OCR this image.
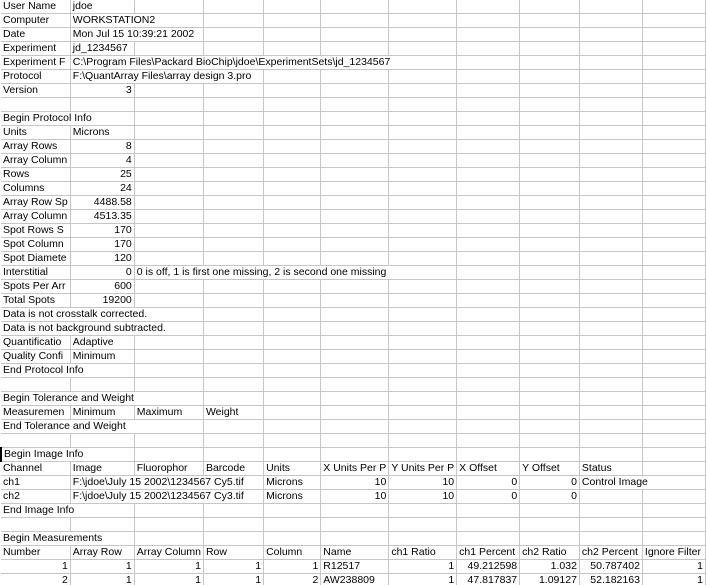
User Name	jdoe									
Computer	WORKSTATION2									
Date	Mon Jul 15 10:39:21 2002									
Experiment	jd_1234567									
Experiment F	C:\Program Files\Packard BioChip\jdoe\ExperimentSets\jd_1234567									
Protocol	F:\QuantArray Files\array design 3.pro									
Version	3									

Begin Protocol Info										
Units	Microns									
Array Rows	8									
Array Column	4									
Rows	25									
Columns	24									
Array Row Sp	4488.58									
Array Column	4513.35									
Spot Rows S	170									
Spot Column	170									
Spot Diamete	120									
Interstitial	0	0 is off, 1 is first one missing, 2 is second one missing								
Spots Per Arr	600									
Total Spots	19200									
Data is not crosstalk corrected.										
Data is not background subtracted.										
Quantificatio	Adaptive									
Quality Confi	Minimum									
End Protocol Info										

Begin Tolerance and Weight										
Measuremen	Minimum	Maximum	Weight							
End Tolerance and Weight										

Begin Image Info										
Channel	Image	Fluorophor	Barcode	Units	X Units Per P	Y Units Per P	X Offset	Y Offset	Status	
ch1	F:\jdoe\July 15 2002\1234567 Cy5.tif			Microns	10	10	0	0	Control Image	
ch2	F:\jdoe\July 15 2002\1234567 Cy3.tif			Microns	10	10	0	0		
End Image Info										

Begin Measurements										
Number	Array Row	Array Column	Row	Column	Name	ch1 Ratio	ch1 Percent	ch2 Ratio	ch2 Percent	Ignore Filter
1	1	1	1	1	R12517	1	49.212598	1.032	50.787402	1
2	1	1	1	2	AW238809	1	47.817837	1.09127	52.182163	1
